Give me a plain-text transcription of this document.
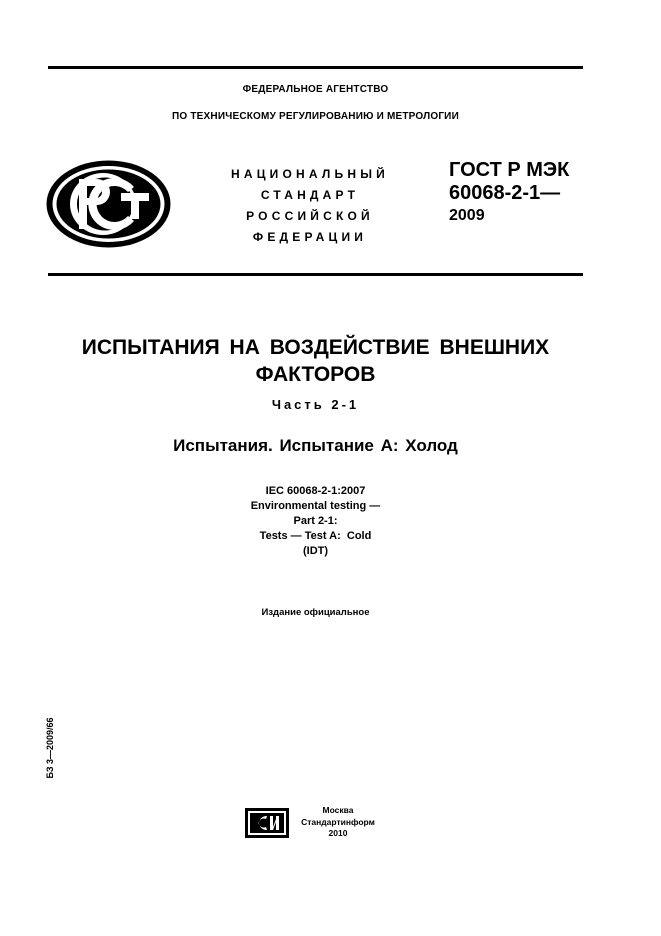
ФЕДЕРАЛЬНОЕ АГЕНТСТВО
ПО ТЕХНИЧЕСКОМУ РЕГУЛИРОВАНИЮ И МЕТРОЛОГИИ
НАЦИОНАЛЬНЫЙ
СТАНДАРТ
РОССИЙСКОЙ
ФЕДЕРАЦИИ
ГОСТ Р МЭК
60068-2-1—
2009
ИСПЫТАНИЯ НА ВОЗДЕЙСТВИЕ ВНЕШНИХ
ФАКТОРОВ
Часть 2-1
Испытания. Испытание А: Холод
IEC 60068-2-1:2007
Environmental testing —
Part 2-1:
Tests — Test A:  Cold
(IDT)
Издание официальное
БЗ 3—2009/66
Москва
Стандартинформ
2010
